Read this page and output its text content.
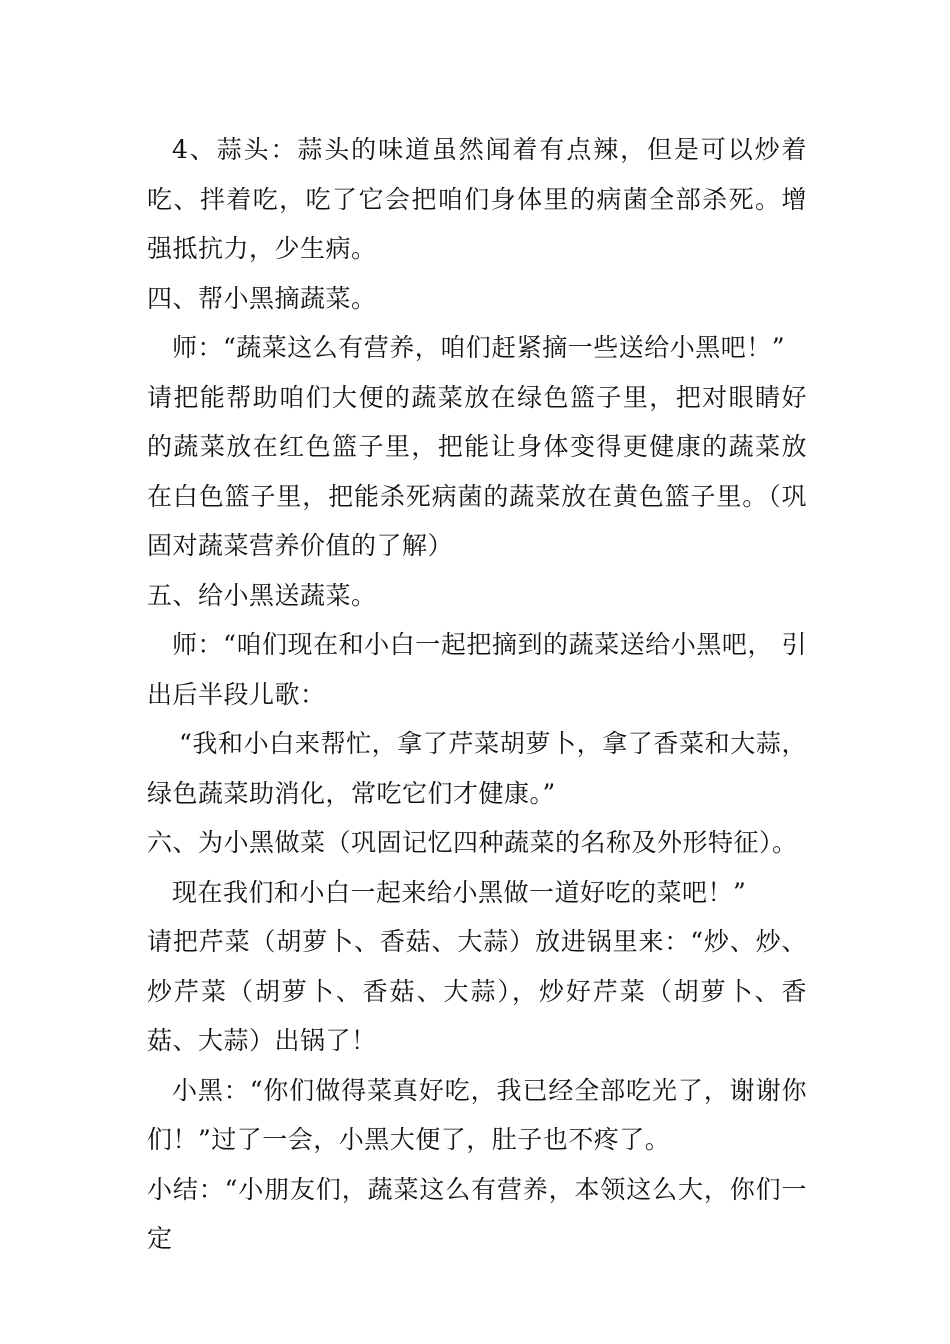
4、蒜头：蒜头的味道虽然闻着有点辣，但是可以炒着吃、拌着吃，吃了它会把咱们身体里的病菌全部杀死。增强抵抗力，少生病。

四、帮小黑摘蔬菜。

师：“蔬菜这么有营养，咱们赶紧摘一些送给小黑吧！”

请把能帮助咱们大便的蔬菜放在绿色篮子里，把对眼睛好的蔬菜放在红色篮子里，把能让身体变得更健康的蔬菜放在白色篮子里，把能杀死病菌的蔬菜放在黄色篮子里。（巩固对蔬菜营养价值的了解）

五、给小黑送蔬菜。

师：“咱们现在和小白一起把摘到的蔬菜送给小黑吧， 引出后半段儿歌：

“我和小白来帮忙，拿了芹菜胡萝卜，拿了香菜和大蒜，绿色蔬菜助消化，常吃它们才健康。”

六、为小黑做菜（巩固记忆四种蔬菜的名称及外形特征）。

现在我们和小白一起来给小黑做一道好吃的菜吧！”

请把芹菜（胡萝卜、香菇、大蒜）放进锅里来：“炒、炒、炒芹菜（胡萝卜、香菇、大蒜），炒好芹菜（胡萝卜、香菇、大蒜）出锅了！

小黑：“你们做得菜真好吃，我已经全部吃光了，谢谢你们！”过了一会，小黑大便了，肚子也不疼了。

小结：“小朋友们，蔬菜这么有营养，本领这么大，你们一定
